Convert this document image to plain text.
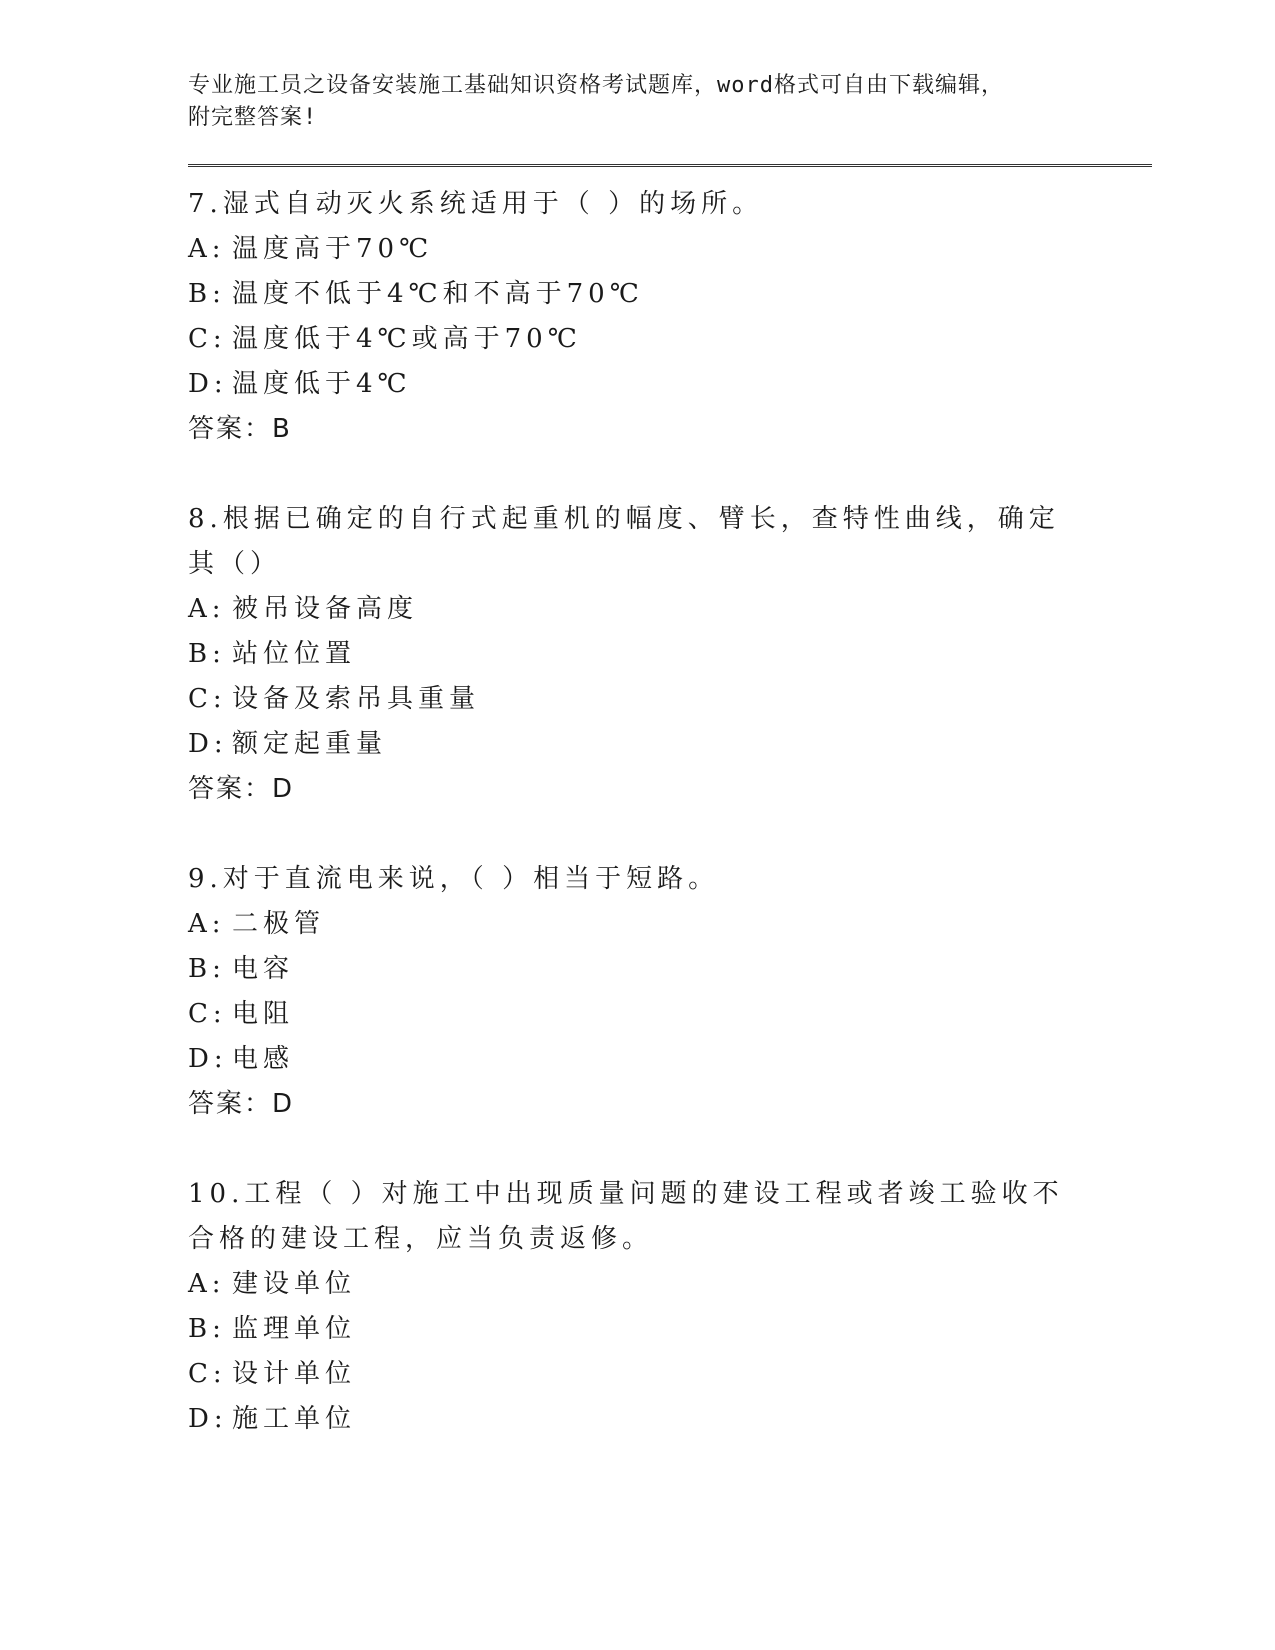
专业施工员之设备安装施工基础知识资格考试题库，word格式可自由下载编辑，

附完整答案!

7.湿式自动灭火系统适用于（ ）的场所。

A: 温度高于70℃

B: 温度不低于4℃和不高于70℃

C: 温度低于4℃或高于70℃

D: 温度低于4℃

答案：B

8.根据已确定的自行式起重机的幅度、臂长，查特性曲线，确定其（）

A: 被吊设备高度

B: 站位位置

C: 设备及索吊具重量

D: 额定起重量

答案：D

9.对于直流电来说，（ ）相当于短路。

A: 二极管

B: 电容

C: 电阻

D: 电感

答案：D

10.工程（ ）对施工中出现质量问题的建设工程或者竣工验收不合格的建设工程，应当负责返修。

A: 建设单位

B: 监理单位

C: 设计单位

D: 施工单位
